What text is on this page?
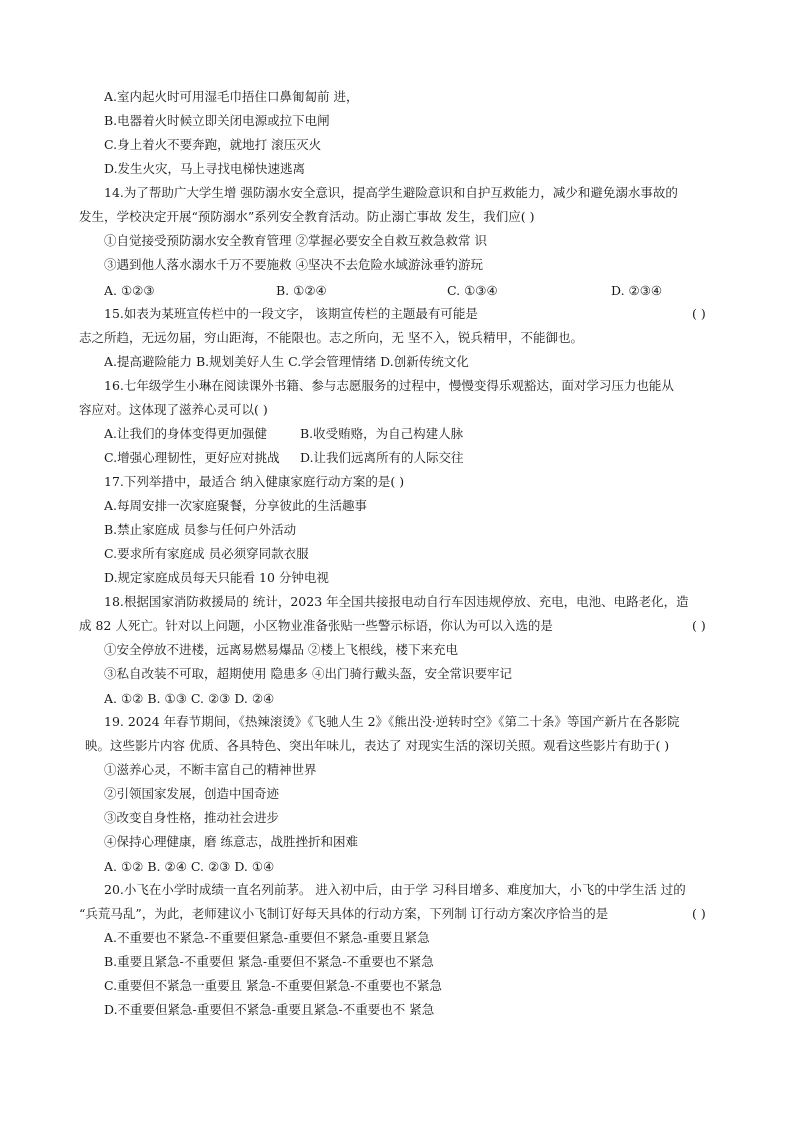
A.室内起火时可用湿毛巾捂住口鼻匍匐前 进，
B.电器着火时候立即关闭电源或拉下电闸
C.身上着火不要奔跑，就地打 滚压灭火
D.发生火灾，马上寻找电梯快速逃离
14.为了帮助广大学生增 强防溺水安全意识，提高学生避险意识和自护互救能力，减少和避免溺水事故的
发生，学校决定开展“预防溺水”系列安全教育活动。防止溺亡事故 发生，我们应( )
①自觉接受预防溺水安全教育管理 ②掌握必要安全自救互救急救常 识
③遇到他人落水溺水千万不要施救 ④坚决不去危险水域游泳垂钓游玩
A. ①②③	B. ①②④	C. ①③④	D. ②③④
15.如表为某班宣传栏中的一段文字， 该期宣传栏的主题最有可能是	( )
志之所趋，无远勿届，穷山距海，不能限也。志之所向，无 坚不入，锐兵精甲，不能御也。
A.提高避险能力 B.规划美好人生 C.学会管理情绪 D.创新传统文化
16.七年级学生小琳在阅读课外书籍、参与志愿服务的过程中，慢慢变得乐观豁达，面对学习压力也能从
容应对。这体现了滋养心灵可以( )
A.让我们的身体变得更加强健	B.收受贿赂，为自己构建人脉
C.增强心理韧性，更好应对挑战 D.让我们远离所有的人际交往
17.下列举措中，最适合 纳入健康家庭行动方案的是( )
A.每周安排一次家庭聚餐，分享彼此的生活趣事
B.禁止家庭成 员参与任何户外活动
C.要求所有家庭成 员必须穿同款衣服
D.规定家庭成员每天只能看 10 分钟电视
18.根据国家消防救援局的 统计，2023 年全国共接报电动自行车因违规停放、充电，电池、电路老化，造
成 82 人死亡。针对以上问题，小区物业准备张贴一些警示标语，你认为可以入选的是	( )
①安全停放不进楼，远离易燃易爆品 ②楼上飞根线，楼下来充电
③私自改装不可取，超期使用 隐患多 ④出门骑行戴头盔，安全常识要牢记
A. ①② B. ①③ C. ②③ D. ②④
19. 2024 年春节期间，《热辣滚烫》《飞驰人生 2》《熊出没·逆转时空》《第二十条》等国产新片在各影院
映。这些影片内容 优质、各具特色、突出年味儿，表达了 对现实生活的深切关照。观看这些影片有助于( )
①滋养心灵，不断丰富自己的精神世界
②引领国家发展，创造中国奇迹
③改变自身性格，推动社会进步
④保持心理健康，磨 练意志，战胜挫折和困难
A. ①② B. ②④ C. ②③ D. ①④
20.小飞在小学时成绩一直名列前茅。 进入初中后，由于学 习科目增多、难度加大，小飞的中学生活 过的
“兵荒马乱”，为此，老师建议小飞制订好每天具体的行动方案，下列制 订行动方案次序恰当的是	( )
A.不重要也不紧急-不重要但紧急-重要但不紧急-重要且紧急
B.重要且紧急-不重要但 紧急-重要但不紧急-不重要也不紧急
C.重要但不紧急一重要且 紧急-不重要但紧急-不重要也不紧急
D.不重要但紧急-重要但不紧急-重要且紧急-不重要也不 紧急
